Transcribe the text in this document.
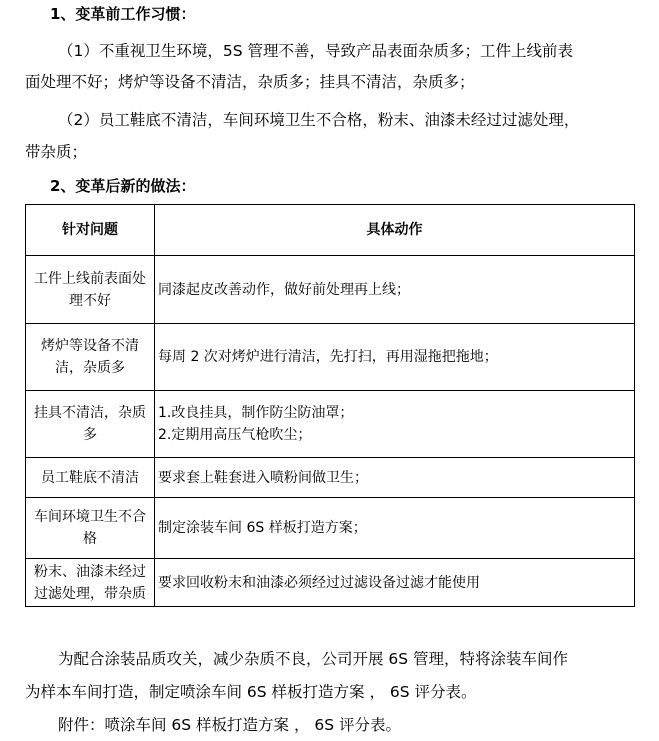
1、变革前工作习惯：
（1）不重视卫生环境，5S 管理不善，导致产品表面杂质多；工件上线前表
面处理不好；烤炉等设备不清洁，杂质多；挂具不清洁，杂质多；
（2）员工鞋底不清洁，车间环境卫生不合格，粉末、油漆未经过过滤处理，
带杂质；
2、变革后新的做法：
针对问题	具体动作
工件上线前表面处理不好	同漆起皮改善动作，做好前处理再上线；

烤炉等设备不清洁，杂质多	每周 2 次对烤炉进行清洁，先打扫，再用湿拖把拖地；

挂具不清洁，杂质多	1.改良挂具，制作防尘防油罩；
2.定期用高压气枪吹尘；

员工鞋底不清洁	要求套上鞋套进入喷粉间做卫生；

车间环境卫生不合格	制定涂装车间 6S 样板打造方案；

粉末、油漆未经过过滤处理，带杂质	要求回收粉末和油漆必须经过过滤设备过滤才能使用
为配合涂装品质攻关，减少杂质不良，公司开展 6S 管理，特将涂装车间作
为样本车间打造，制定喷涂车间 6S 样板打造方案 ， 6S 评分表。
附件：喷涂车间 6S 样板打造方案 ， 6S 评分表。
